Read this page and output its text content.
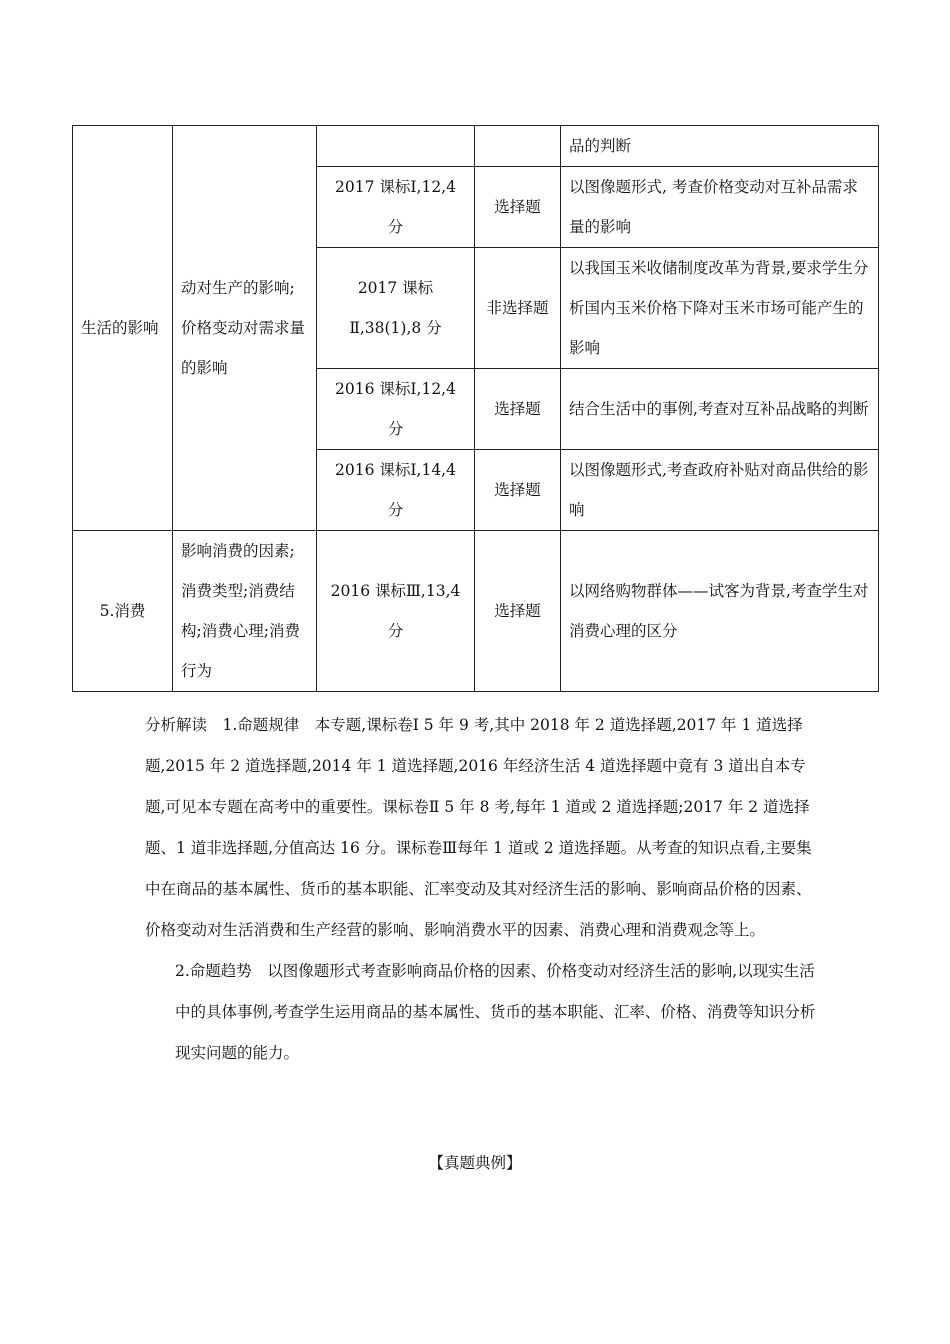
生活的影响	动对生产的影响;价格变动对需求量的影响			品的判断
		2017 课标Ⅰ,12,4 分	选择题	以图像题形式, 考查价格变动对互补品需求量的影响
		2017 课标Ⅱ,38(1),8 分	非选择题	以我国玉米收储制度改革为背景,要求学生分析国内玉米价格下降对玉米市场可能产生的影响
		2016 课标Ⅰ,12,4 分	选择题	结合生活中的事例,考查对互补品战略的判断
		2016 课标Ⅰ,14,4 分	选择题	以图像题形式,考查政府补贴对商品供给的影响
5.消费	影响消费的因素;消费类型;消费结构;消费心理;消费行为	2016 课标Ⅲ,13,4 分	选择题	以网络购物群体——试客为背景,考查学生对消费心理的区分

分析解读　1.命题规律　本专题,课标卷Ⅰ 5 年 9 考,其中 2018 年 2 道选择题,2017 年 1 道选择题,2015 年 2 道选择题,2014 年 1 道选择题,2016 年经济生活 4 道选择题中竟有 3 道出自本专题,可见本专题在高考中的重要性。课标卷Ⅱ 5 年 8 考,每年 1 道或 2 道选择题;2017 年 2 道选择题、1 道非选择题,分值高达 16 分。课标卷Ⅲ每年 1 道或 2 道选择题。从考查的知识点看,主要集中在商品的基本属性、货币的基本职能、汇率变动及其对经济生活的影响、影响商品价格的因素、价格变动对生活消费和生产经营的影响、影响消费水平的因素、消费心理和消费观念等上。

2.命题趋势　以图像题形式考查影响商品价格的因素、价格变动对经济生活的影响,以现实生活中的具体事例,考查学生运用商品的基本属性、货币的基本职能、汇率、价格、消费等知识分析现实问题的能力。

【真题典例】
